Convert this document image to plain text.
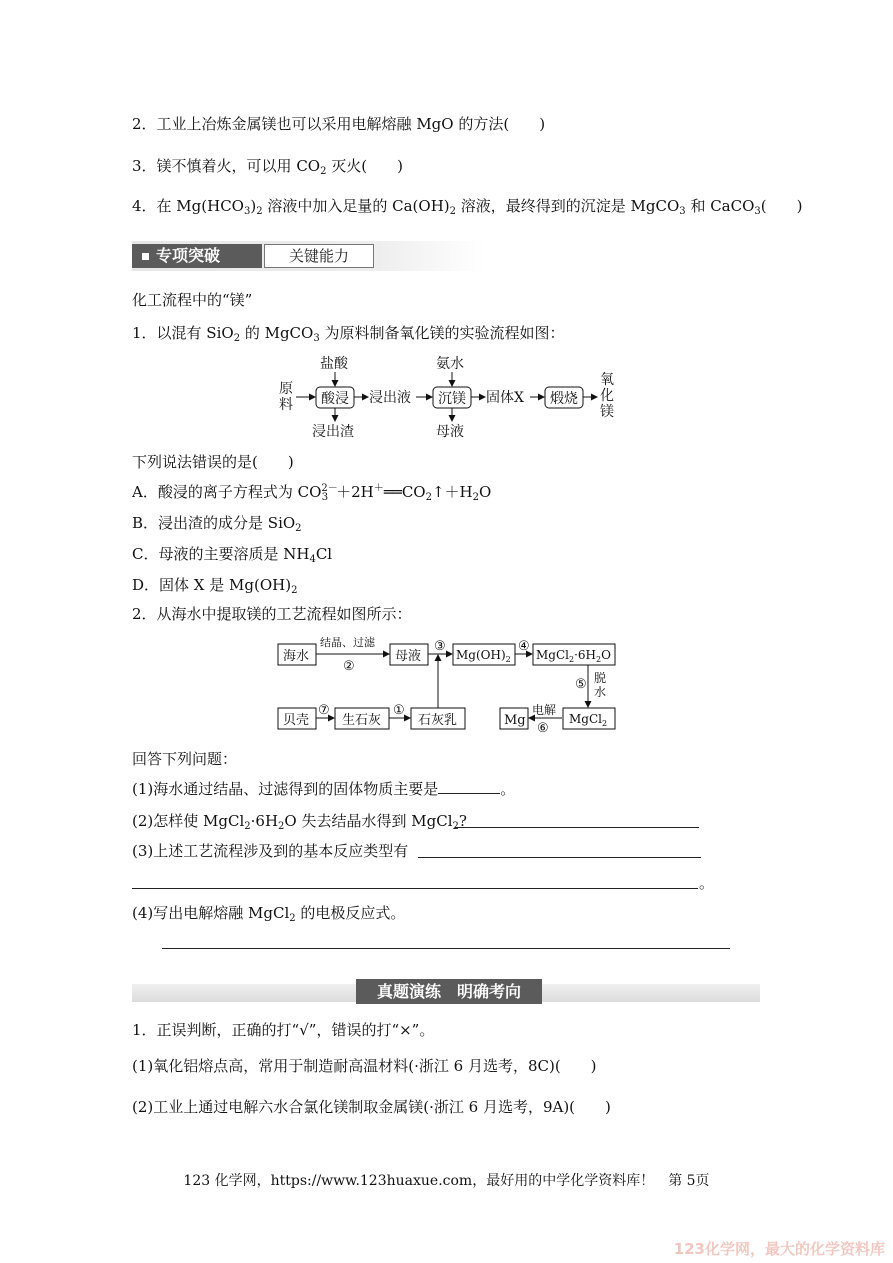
2．工业上冶炼金属镁也可以采用电解熔融 MgO 的方法(　　)
3．镁不慎着火，可以用 $CO_2$ 灭火(　　)
4．在 $Mg(HCO_3)_2$ 溶液中加入足量的 $Ca(OH)_2$ 溶液，最终得到的沉淀是 MgCO$_3$ 和 CaCO$_3$(　　)
专项突破	关键能力
化工流程中的“镁”
1．以混有 SiO$_2$ 的 MgCO$_3$ 为原料制备氧化镁的实验流程如图：
原
料
盐酸
酸浸
浸出渣
浸出液
氨水
沉镁
母液
固体X 煅烧
氧
化
镁
下列说法错误的是(　　)
A．酸浸的离子方程式为 $CO^{2-}_3$ $+2H^+══CO_2↑+H_2O$
B．浸出渣的成分是 SiO$_2$
C．母液的主要溶质是 $NH_4Cl$
D．固体 X 是 $Mg(OH)_2$
2．从海水中提取镁的工艺流程如图所示：
海水
结晶、过滤
②
母液
③
$Mg(OH)_2$
④
$MgCl_2\cdot 6H_2O$
⑤ 脱
水
贝壳
⑦
生石灰
①
石灰乳	Mg
电解
⑥
MgCl$_2$
回答下列问题：
(1)海水通过结晶、过滤得到的固体物质主要是	。
(2)怎样使 $MgCl_2\cdot 6H_2O$ 失去结晶水得到 MgCl$_2$?
(3)上述工艺流程涉及到的基本反应类型有
。
(4)写出电解熔融 MgCl$_2$ 的电极反应式。
真题演练　明确考向
1．正误判断，正确的打“√”，错误的打“×”。
(1)氧化铝熔点高，常用于制造耐高温材料(·浙江 6 月选考，8C)(　　)
(2)工业上通过电解六水合氯化镁制取金属镁(·浙江 6 月选考，9A)(　　)
123 化学网，https://www.123huaxue.com，最好用的中学化学资料库！　第 5页
123化学网，最大的化学资料库
